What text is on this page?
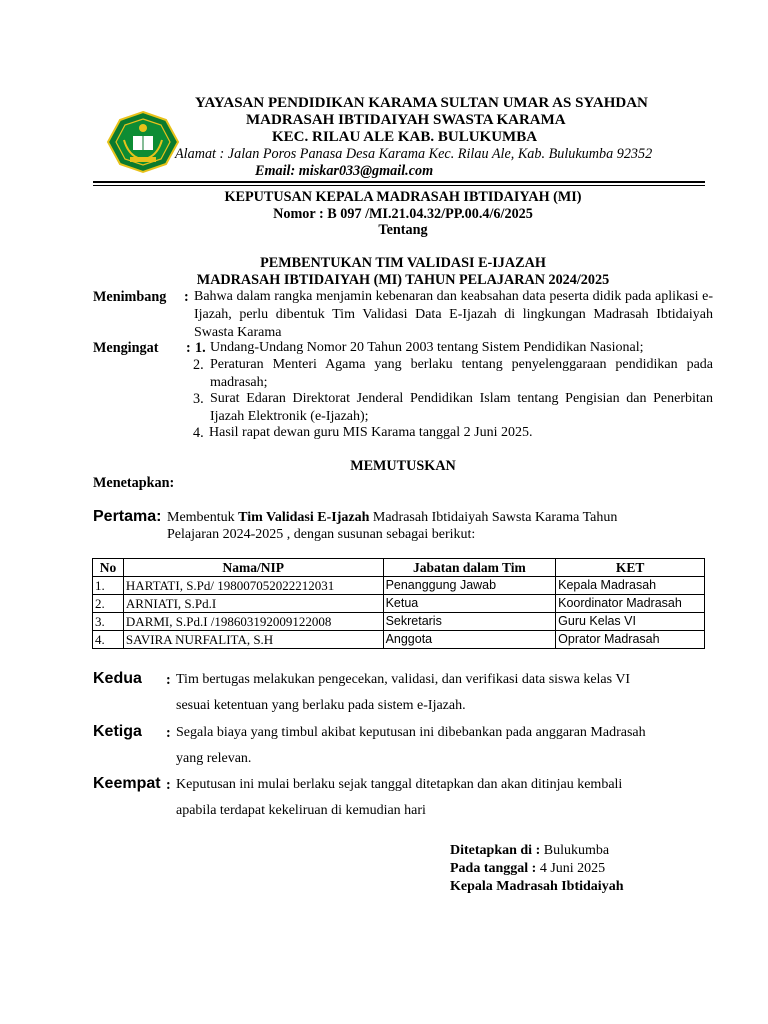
YAYASAN PENDIDIKAN KARAMA SULTAN UMAR AS SYAHDAN
MADRASAH IBTIDAIYAH SWASTA KARAMA
KEC. RILAU ALE KAB. BULUKUMBA
Alamat : Jalan Poros Panasa Desa Karama Kec. Rilau Ale, Kab. Bulukumba 92352
Email: miskar033@gmail.com
KEPUTUSAN KEPALA MADRASAH IBTIDAIYAH (MI)
Nomor : B 097 /MI.21.04.32/PP.00.4/6/2025
Tentang
PEMBENTUKAN TIM VALIDASI E-IJAZAH
MADRASAH IBTIDAIYAH (MI) TAHUN PELAJARAN 2024/2025
Menimbang : Bahwa dalam rangka menjamin kebenaran dan keabsahan data peserta didik pada aplikasi e-Ijazah, perlu dibentuk Tim Validasi Data E-Ijazah di lingkungan Madrasah Ibtidaiyah Swasta Karama
Mengingat : 1. Undang-Undang Nomor 20 Tahun 2003 tentang Sistem Pendidikan Nasional;
2. Peraturan Menteri Agama yang berlaku tentang penyelenggaraan pendidikan pada madrasah;
3. Surat Edaran Direktorat Jenderal Pendidikan Islam tentang Pengisian dan Penerbitan Ijazah Elektronik (e-Ijazah);
4. Hasil rapat dewan guru MIS Karama tanggal 2 Juni 2025.
MEMUTUSKAN
Menetapkan:
Pertama: Membentuk Tim Validasi E-Ijazah Madrasah Ibtidaiyah Sawsta Karama Tahun
Pelajaran 2024-2025 , dengan susunan sebagai berikut:
No	Nama/NIP	Jabatan dalam Tim	KET
1.	HARTATI, S.Pd/ 198007052022212031	Penanggung Jawab	Kepala Madrasah
2.	ARNIATI, S.Pd.I	Ketua	Koordinator Madrasah
3.	DARMI, S.Pd.I /198603192009122008	Sekretaris	Guru Kelas VI
4.	SAVIRA NURFALITA, S.H	Anggota	Oprator Madrasah
Kedua : Tim bertugas melakukan pengecekan, validasi, dan verifikasi data siswa kelas VI
sesuai ketentuan yang berlaku pada sistem e-Ijazah.
Ketiga : Segala biaya yang timbul akibat keputusan ini dibebankan pada anggaran Madrasah
yang relevan.
Keempat : Keputusan ini mulai berlaku sejak tanggal ditetapkan dan akan ditinjau kembali
apabila terdapat kekeliruan di kemudian hari
Ditetapkan di : Bulukumba
Pada tanggal : 4 Juni 2025
Kepala Madrasah Ibtidaiyah
